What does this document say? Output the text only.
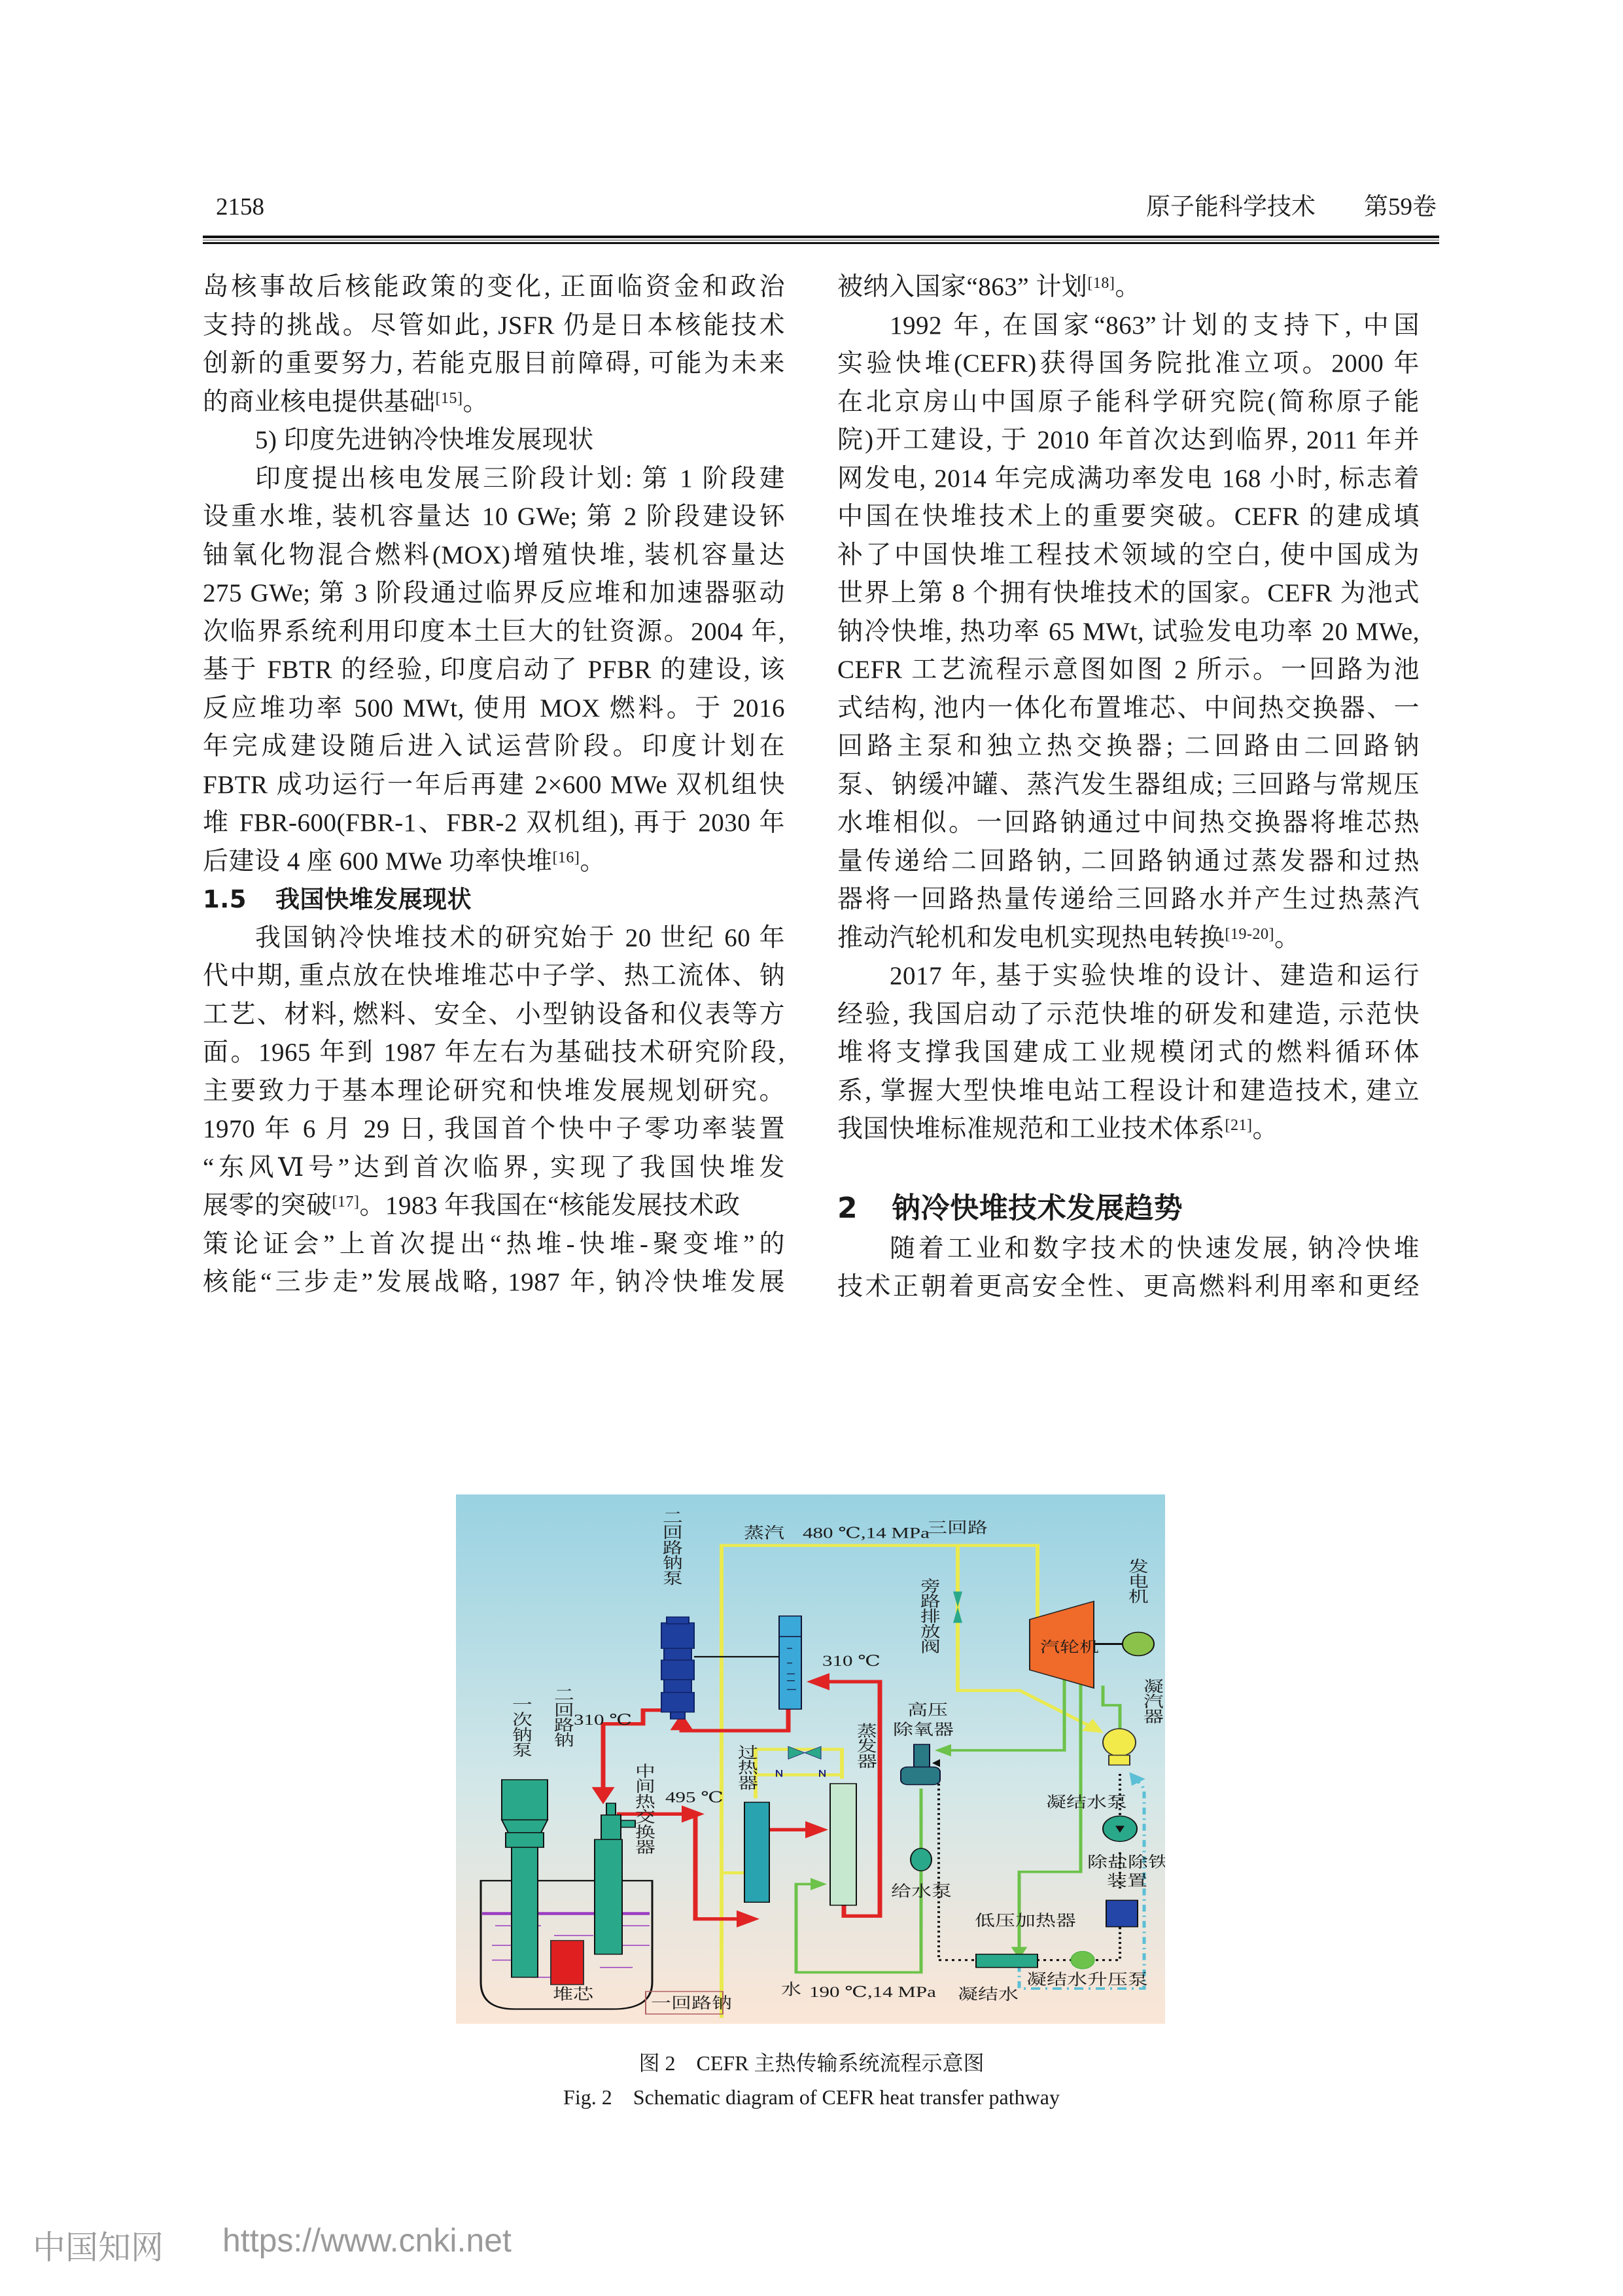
2158	原子能科学技术 第59卷
岛核事故后核能政策的变化, 正面临资金和政治
支持的挑战。尽管如此, JSFR 仍是日本核能技术
创新的重要努力, 若能克服目前障碍, 可能为未来
的商业核电提供基础[15]。
5) 印度先进钠冷快堆发展现状
印度提出核电发展三阶段计划: 第 1 阶段建
设重水堆, 装机容量达 10 GWe; 第 2 阶段建设钚
铀氧化物混合燃料(MOX)增殖快堆, 装机容量达
275 GWe; 第 3 阶段通过临界反应堆和加速器驱动
次临界系统利用印度本土巨大的钍资源。2004 年,
基于 FBTR 的经验, 印度启动了 PFBR 的建设, 该
反应堆功率 500 MWt, 使用 MOX 燃料。于 2016
年完成建设随后进入试运营阶段。印度计划在
FBTR 成功运行一年后再建 2×600 MWe 双机组快
堆 FBR-600(FBR-1、FBR-2 双机组), 再于 2030 年
后建设 4 座 600 MWe 功率快堆[16]。
1.5 我国快堆发展现状
我国钠冷快堆技术的研究始于 20 世纪 60 年
代中期, 重点放在快堆堆芯中子学、热工流体、钠
工艺、材料, 燃料、安全、小型钠设备和仪表等方
面。1965 年到 1987 年左右为基础技术研究阶段,
主要致力于基本理论研究和快堆发展规划研究。
1970 年 6 月 29 日, 我国首个快中子零功率装置
“东风Ⅵ号”达到首次临界, 实现了我国快堆发
展零的突破[17]。1983 年我国在“核能发展技术政
策论证会”上首次提出“热堆-快堆-聚变堆”的
核能“三步走”发展战略, 1987 年, 钠冷快堆发展
被纳入国家“863” 计划[18]。
1992 年, 在国家“863”计划的支持下, 中国
实验快堆(CEFR)获得国务院批准立项。2000 年
在北京房山中国原子能科学研究院(简称原子能
院)开工建设, 于 2010 年首次达到临界, 2011 年并
网发电, 2014 年完成满功率发电 168 小时, 标志着
中国在快堆技术上的重要突破。CEFR 的建成填
补了中国快堆工程技术领域的空白, 使中国成为
世界上第 8 个拥有快堆技术的国家。CEFR 为池式
钠冷快堆, 热功率 65 MWt, 试验发电功率 20 MWe,
CEFR 工艺流程示意图如图 2 所示。一回路为池
式结构, 池内一体化布置堆芯、中间热交换器、一
回路主泵和独立热交换器; 二回路由二回路钠
泵、钠缓冲罐、蒸汽发生器组成; 三回路与常规压
水堆相似。一回路钠通过中间热交换器将堆芯热
量传递给二回路钠, 二回路钠通过蒸发器和过热
器将一回路热量传递给三回路水并产生过热蒸汽
推动汽轮机和发电机实现热电转换[19-20]。
2017 年, 基于实验快堆的设计、建造和运行
经验, 我国启动了示范快堆的研发和建造, 示范快
堆将支撑我国建成工业规模闭式的燃料循环体
系, 掌握大型快堆电站工程设计和建造技术, 建立
我国快堆标准规范和工业技术体系[21]。
2 钠冷快堆技术发展趋势
随着工业和数字技术的快速发展, 钠冷快堆
技术正朝着更高安全性、更高燃料利用率和更经
二回路钠泵	蒸汽 480 ℃,14 MPa
三回路
发电机
旁路排放阀	汽轮机
凝汽器
310 ℃
310 ℃
一次钠泵 二回路钠
中间热交换器 495 ℃
过热器	蒸发器
高压
除氧器
凝结水泵
除盐除铁
装置
给水泵
低压加热器
凝结水升压泵
凝结水
水 190 ℃,14 MPa
堆芯
一回路钠
图 2　CEFR 主热传输系统流程示意图
Fig. 2　Schematic diagram of CEFR heat transfer pathway
中国知网 https://www.cnki.net
